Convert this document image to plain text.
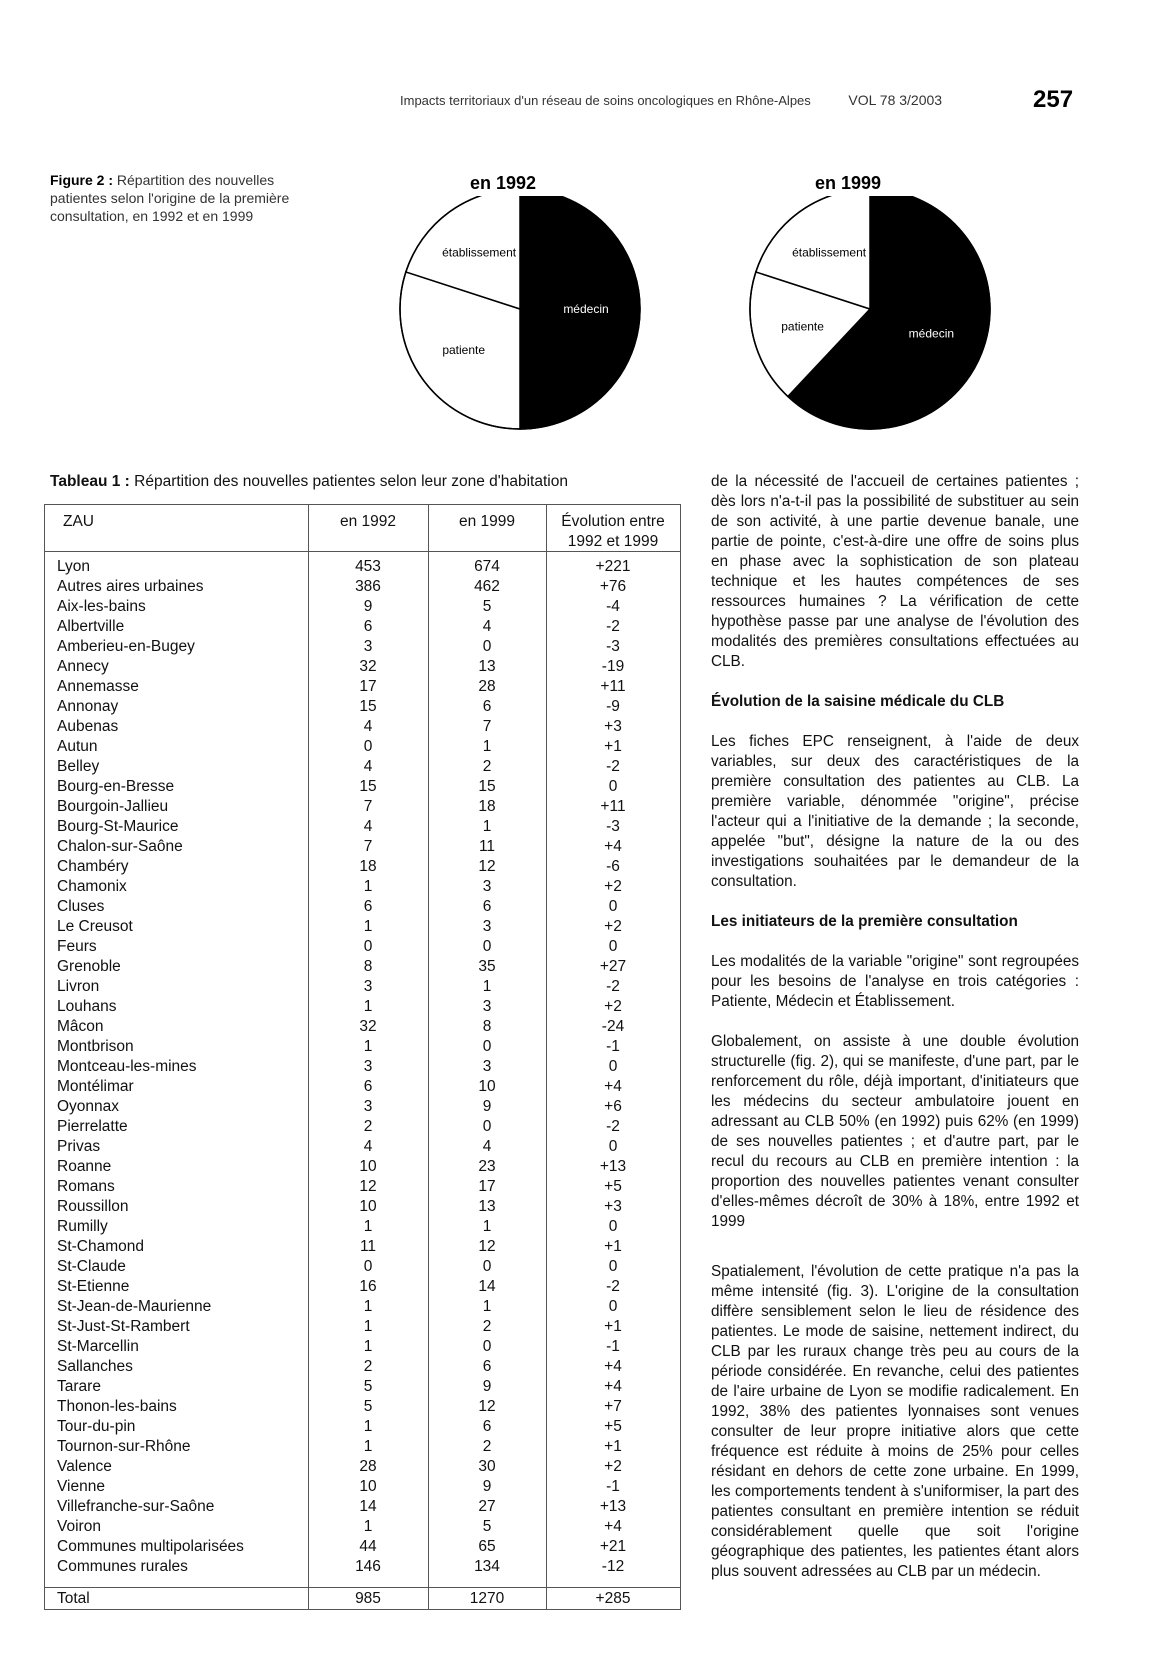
Impacts territoriaux d'un réseau de soins oncologiques en Rhône-Alpes	VOL 78 3/2003	257
Figure 2 : Répartition des nouvelles patientes selon l'origine de la première consultation, en 1992 et en 1999
en 1992	en 1999
médecin
patiente
établissement
médecin
patiente
établissement
Tableau 1 : Répartition des nouvelles patientes selon leur zone d'habitation
ZAU	en 1992	en 1999	Évolution entre
1992 et 1999
Lyon	453	674	+221
Autres aires urbaines	386	462	+76
Aix-les-bains	9	5	-4
Albertville	6	4	-2
Amberieu-en-Bugey	3	0	-3
Annecy	32	13	-19
Annemasse	17	28	+11
Annonay	15	6	-9
Aubenas	4	7	+3
Autun	0	1	+1
Belley	4	2	-2
Bourg-en-Bresse	15	15	0
Bourgoin-Jallieu	7	18	+11
Bourg-St-Maurice	4	1	-3
Chalon-sur-Saône	7	11	+4
Chambéry	18	12	-6
Chamonix	1	3	+2
Cluses	6	6	0
Le Creusot	1	3	+2
Feurs	0	0	0
Grenoble	8	35	+27
Livron	3	1	-2
Louhans	1	3	+2
Mâcon	32	8	-24
Montbrison	1	0	-1
Montceau-les-mines	3	3	0
Montélimar	6	10	+4
Oyonnax	3	9	+6
Pierrelatte	2	0	-2
Privas	4	4	0
Roanne	10	23	+13
Romans	12	17	+5
Roussillon	10	13	+3
Rumilly	1	1	0
St-Chamond	11	12	+1
St-Claude	0	0	0
St-Etienne	16	14	-2
St-Jean-de-Maurienne	1	1	0
St-Just-St-Rambert	1	2	+1
St-Marcellin	1	0	-1
Sallanches	2	6	+4
Tarare	5	9	+4
Thonon-les-bains	5	12	+7
Tour-du-pin	1	6	+5
Tournon-sur-Rhône	1	2	+1
Valence	28	30	+2
Vienne	10	9	-1
Villefranche-sur-Saône	14	27	+13
Voiron	1	5	+4
Communes multipolarisées	44	65	+21
Communes rurales	146	134	-12
Total	985	1270	+285

de la nécessité de l'accueil de certaines patientes ; dès lors n'a-t-il pas la possibilité de substituer au sein de son activité, à une partie devenue banale, une partie de pointe, c'est-à-dire une offre de soins plus en phase avec la sophistication de son plateau technique et les hautes compétences de ses ressources humaines ? La vérification de cette hypothèse passe par une analyse de l'évolution des modalités des premières consultations effectuées au CLB.

Évolution de la saisine médicale du CLB

Les fiches EPC renseignent, à l'aide de deux variables, sur deux des caractéristiques de la première consultation des patientes au CLB. La première variable, dénommée "origine", précise l'acteur qui a l'initiative de la demande ; la seconde, appelée "but", désigne la nature de la ou des investigations souhaitées par le demandeur de la consultation.

Les initiateurs de la première consultation

Les modalités de la variable "origine" sont regroupées pour les besoins de l'analyse en trois catégories : Patiente, Médecin et Établissement.

Globalement, on assiste à une double évolution structurelle (fig. 2), qui se manifeste, d'une part, par le renforcement du rôle, déjà important, d'initiateurs que les médecins du secteur ambulatoire jouent en adressant au CLB 50% (en 1992) puis 62% (en 1999) de ses nouvelles patientes ; et d'autre part, par le recul du recours au CLB en première intention : la proportion des nouvelles patientes venant consulter d'elles-mêmes décroît de 30% à 18%, entre 1992 et 1999

Spatialement, l'évolution de cette pratique n'a pas la même intensité (fig. 3). L'origine de la consultation diffère sensiblement selon le lieu de résidence des patientes. Le mode de saisine, nettement indirect, du CLB par les ruraux change très peu au cours de la période considérée. En revanche, celui des patientes de l'aire urbaine de Lyon se modifie radicalement. En 1992, 38% des patientes lyonnaises sont venues consulter de leur propre initiative alors que cette fréquence est réduite à moins de 25% pour celles résidant en dehors de cette zone urbaine. En 1999, les comportements tendent à s'uniformiser, la part des patientes consultant en première intention se réduit considérablement quelle que soit l'origine géographique des patientes, les patientes étant alors plus souvent adressées au CLB par un médecin.
